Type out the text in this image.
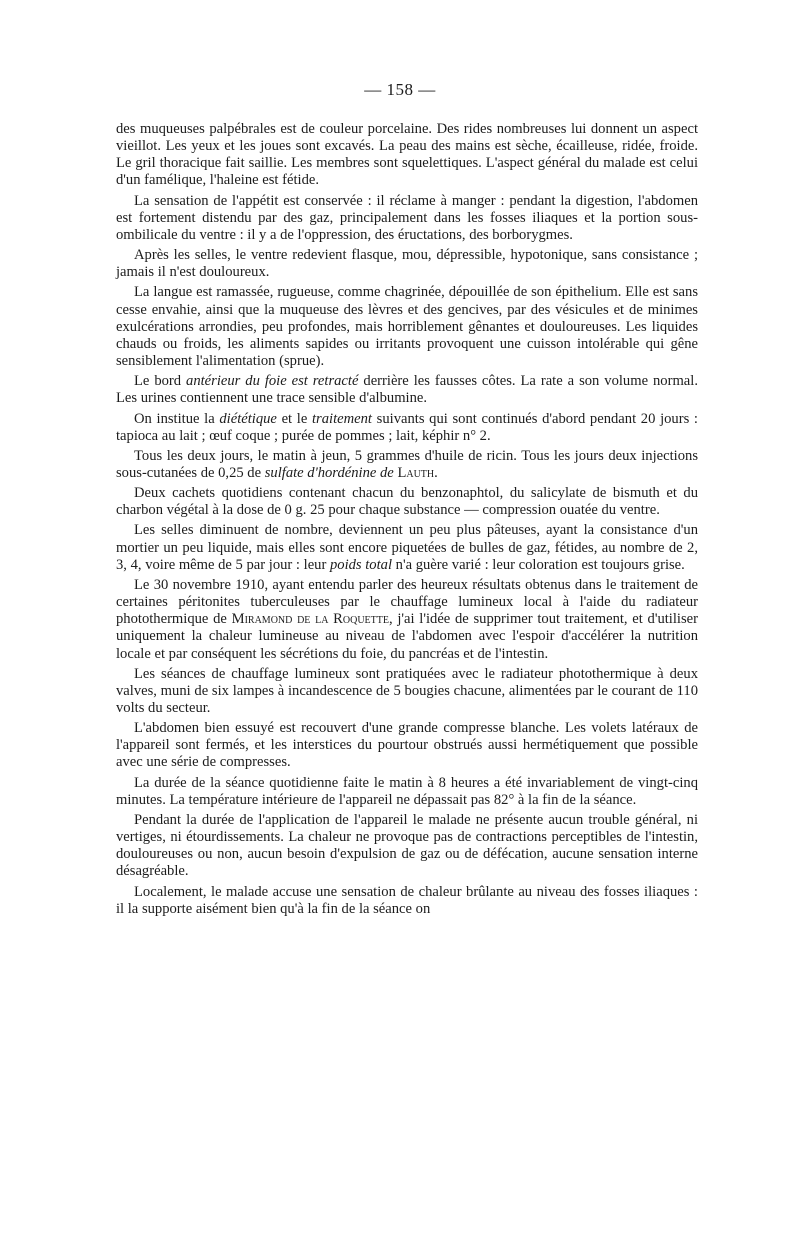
— 158 —

des muqueuses palpébrales est de couleur porcelaine. Des rides nombreuses lui donnent un aspect vieillot. Les yeux et les joues sont excavés. La peau des mains est sèche, écailleuse, ridée, froide. Le gril thoracique fait saillie. Les membres sont squelettiques. L'aspect général du malade est celui d'un famélique, l'haleine est fétide.

La sensation de l'appétit est conservée : il réclame à manger : pendant la digestion, l'abdomen est fortement distendu par des gaz, principalement dans les fosses iliaques et la portion sous-ombilicale du ventre : il y a de l'oppression, des éructations, des borborygmes.

Après les selles, le ventre redevient flasque, mou, dépressible, hypotonique, sans consistance ; jamais il n'est douloureux.

La langue est ramassée, rugueuse, comme chagrinée, dépouillée de son épithelium. Elle est sans cesse envahie, ainsi que la muqueuse des lèvres et des gencives, par des vésicules et de minimes exulcérations arrondies, peu profondes, mais horriblement gênantes et douloureuses. Les liquides chauds ou froids, les aliments sapides ou irritants provoquent une cuisson intolérable qui gêne sensiblement l'alimentation (sprue).

Le bord antérieur du foie est retracté derrière les fausses côtes. La rate a son volume normal. Les urines contiennent une trace sensible d'albumine.

On institue la diététique et le traitement suivants qui sont continués d'abord pendant 20 jours : tapioca au lait ; œuf coque ; purée de pommes ; lait, képhir n° 2.

Tous les deux jours, le matin à jeun, 5 grammes d'huile de ricin. Tous les jours deux injections sous-cutanées de 0,25 de sulfate d'hordénine de Lauth.

Deux cachets quotidiens contenant chacun du benzonaphtol, du salicylate de bismuth et du charbon végétal à la dose de 0 g. 25 pour chaque substance — compression ouatée du ventre.

Les selles diminuent de nombre, deviennent un peu plus pâteuses, ayant la consistance d'un mortier un peu liquide, mais elles sont encore piquetées de bulles de gaz, fétides, au nombre de 2, 3, 4, voire même de 5 par jour : leur poids total n'a guère varié : leur coloration est toujours grise.

Le 30 novembre 1910, ayant entendu parler des heureux résultats obtenus dans le traitement de certaines péritonites tuberculeuses par le chauffage lumineux local à l'aide du radiateur photothermique de Miramond de la Roquette, j'ai l'idée de supprimer tout traitement, et d'utiliser uniquement la chaleur lumineuse au niveau de l'abdomen avec l'espoir d'accélérer la nutrition locale et par conséquent les sécrétions du foie, du pancréas et de l'intestin.

Les séances de chauffage lumineux sont pratiquées avec le radiateur photothermique à deux valves, muni de six lampes à incandescence de 5 bougies chacune, alimentées par le courant de 110 volts du secteur.

L'abdomen bien essuyé est recouvert d'une grande compresse blanche. Les volets latéraux de l'appareil sont fermés, et les interstices du pourtour obstrués aussi hermétiquement que possible avec une série de compresses.

La durée de la séance quotidienne faite le matin à 8 heures a été invariablement de vingt-cinq minutes. La température intérieure de l'appareil ne dépassait pas 82° à la fin de la séance.

Pendant la durée de l'application de l'appareil le malade ne présente aucun trouble général, ni vertiges, ni étourdissements. La chaleur ne provoque pas de contractions perceptibles de l'intestin, douloureuses ou non, aucun besoin d'expulsion de gaz ou de défécation, aucune sensation interne désagréable.

Localement, le malade accuse une sensation de chaleur brûlante au niveau des fosses iliaques : il la supporte aisément bien qu'à la fin de la séance on
